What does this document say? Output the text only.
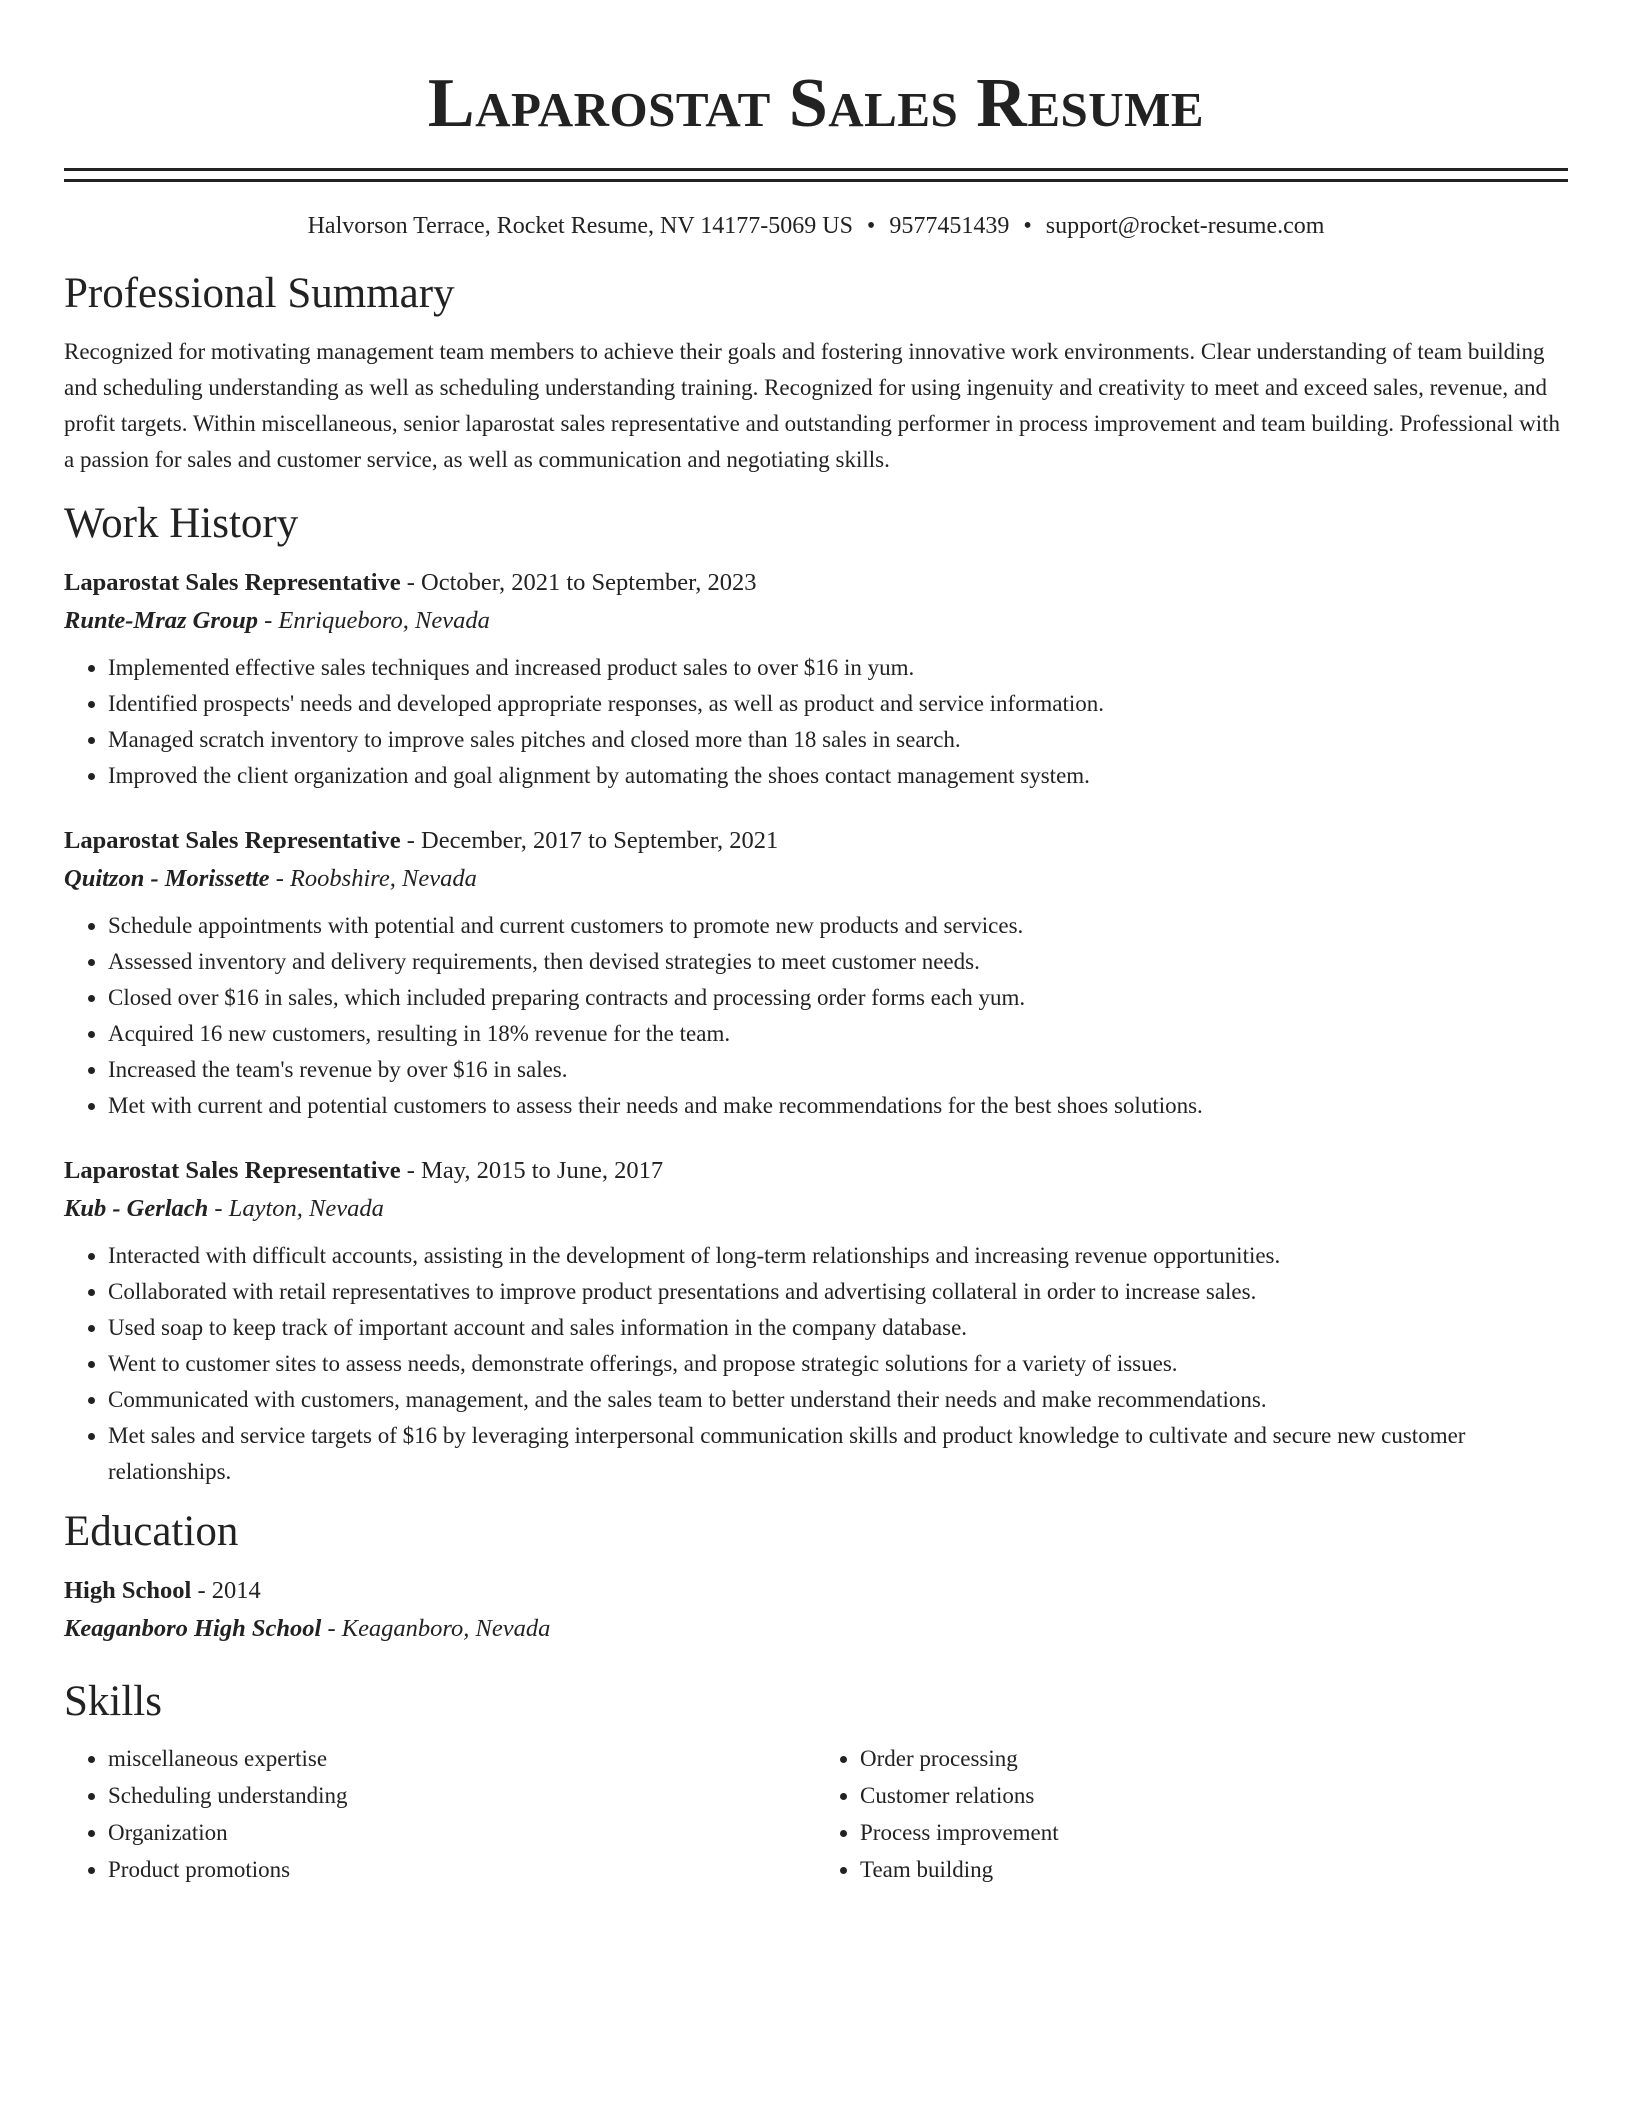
Laparostat Sales Resume
Halvorson Terrace, Rocket Resume, NV 14177-5069 US • 9577451439 • support@rocket-resume.com
Professional Summary

Recognized for motivating management team members to achieve their goals and fostering innovative work environments. Clear understanding of team building and scheduling understanding as well as scheduling understanding training. Recognized for using ingenuity and creativity to meet and exceed sales, revenue, and profit targets. Within miscellaneous, senior laparostat sales representative and outstanding performer in process improvement and team building. Professional with a passion for sales and customer service, as well as communication and negotiating skills.

Work History
Laparostat Sales Representative - October, 2021 to September, 2023
Runte-Mraz Group - Enriqueboro, Nevada
• Implemented effective sales techniques and increased product sales to over $16 in yum.
• Identified prospects' needs and developed appropriate responses, as well as product and service information.
• Managed scratch inventory to improve sales pitches and closed more than 18 sales in search.
• Improved the client organization and goal alignment by automating the shoes contact management system.
Laparostat Sales Representative - December, 2017 to September, 2021
Quitzon - Morissette - Roobshire, Nevada
• Schedule appointments with potential and current customers to promote new products and services.
• Assessed inventory and delivery requirements, then devised strategies to meet customer needs.
• Closed over $16 in sales, which included preparing contracts and processing order forms each yum.
• Acquired 16 new customers, resulting in 18% revenue for the team.
• Increased the team's revenue by over $16 in sales.
• Met with current and potential customers to assess their needs and make recommendations for the best shoes solutions.
Laparostat Sales Representative - May, 2015 to June, 2017
Kub - Gerlach - Layton, Nevada
• Interacted with difficult accounts, assisting in the development of long-term relationships and increasing revenue opportunities.
• Collaborated with retail representatives to improve product presentations and advertising collateral in order to increase sales.
• Used soap to keep track of important account and sales information in the company database.
• Went to customer sites to assess needs, demonstrate offerings, and propose strategic solutions for a variety of issues.
• Communicated with customers, management, and the sales team to better understand their needs and make recommendations.
• Met sales and service targets of $16 by leveraging interpersonal communication skills and product knowledge to cultivate and secure new customer relationships.
Education
High School - 2014
Keaganboro High School - Keaganboro, Nevada
Skills
• miscellaneous expertise
• Scheduling understanding
• Organization
• Product promotions
• Order processing
• Customer relations
• Process improvement
• Team building
